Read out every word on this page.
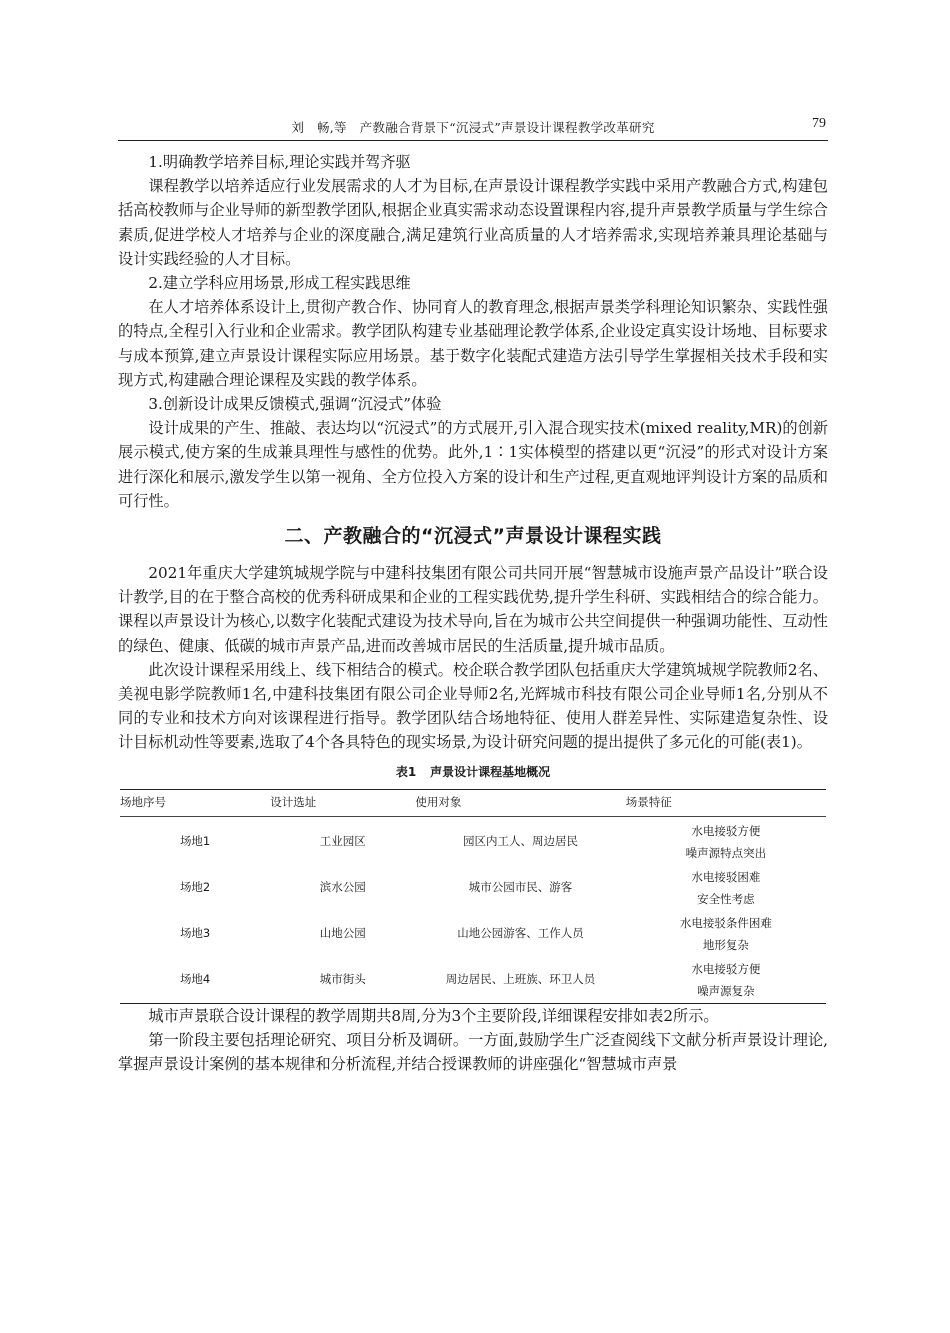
刘　畅,等　产教融合背景下“沉浸式”声景设计课程教学改革研究	79

1.明确教学培养目标,理论实践并驾齐驱

课程教学以培养适应行业发展需求的人才为目标,在声景设计课程教学实践中采用产教融合方式,构建包括高校教师与企业导师的新型教学团队,根据企业真实需求动态设置课程内容,提升声景教学质量与学生综合素质,促进学校人才培养与企业的深度融合,满足建筑行业高质量的人才培养需求,实现培养兼具理论基础与设计实践经验的人才目标。

2.建立学科应用场景,形成工程实践思维

在人才培养体系设计上,贯彻产教合作、协同育人的教育理念,根据声景类学科理论知识繁杂、实践性强的特点,全程引入行业和企业需求。教学团队构建专业基础理论教学体系,企业设定真实设计场地、目标要求与成本预算,建立声景设计课程实际应用场景。基于数字化装配式建造方法引导学生掌握相关技术手段和实现方式,构建融合理论课程及实践的教学体系。

3.创新设计成果反馈模式,强调“沉浸式”体验

设计成果的产生、推敲、表达均以“沉浸式”的方式展开,引入混合现实技术(mixed reality,MR)的创新展示模式,使方案的生成兼具理性与感性的优势。此外,1∶1实体模型的搭建以更“沉浸”的形式对设计方案进行深化和展示,激发学生以第一视角、全方位投入方案的设计和生产过程,更直观地评判设计方案的品质和可行性。

二、产教融合的“沉浸式”声景设计课程实践

2021年重庆大学建筑城规学院与中建科技集团有限公司共同开展“智慧城市设施声景产品设计”联合设计教学,目的在于整合高校的优秀科研成果和企业的工程实践优势,提升学生科研、实践相结合的综合能力。课程以声景设计为核心,以数字化装配式建设为技术导向,旨在为城市公共空间提供一种强调功能性、互动性的绿色、健康、低碳的城市声景产品,进而改善城市居民的生活质量,提升城市品质。

此次设计课程采用线上、线下相结合的模式。校企联合教学团队包括重庆大学建筑城规学院教师2名、美视电影学院教师1名,中建科技集团有限公司企业导师2名,光辉城市科技有限公司企业导师1名,分别从不同的专业和技术方向对该课程进行指导。教学团队结合场地特征、使用人群差异性、实际建造复杂性、设计目标机动性等要素,选取了4个各具特色的现实场景,为设计研究问题的提出提供了多元化的可能(表1)。

表1 声景设计课程基地概况
场地序号	设计选址	使用对象	场景特征
场地1	工业园区	园区内工人、周边居民	水电接驳方便
噪声源特点突出

场地2	滨水公园	城市公园市民、游客	水电接驳困难
安全性考虑

场地3	山地公园	山地公园游客、工作人员	水电接驳条件困难
地形复杂

场地4	城市街头	周边居民、上班族、环卫人员	水电接驳方便
噪声源复杂

城市声景联合设计课程的教学周期共8周,分为3个主要阶段,详细课程安排如表2所示。

第一阶段主要包括理论研究、项目分析及调研。一方面,鼓励学生广泛查阅线下文献分析声景设计理论,掌握声景设计案例的基本规律和分析流程,并结合授课教师的讲座强化“智慧城市声景
